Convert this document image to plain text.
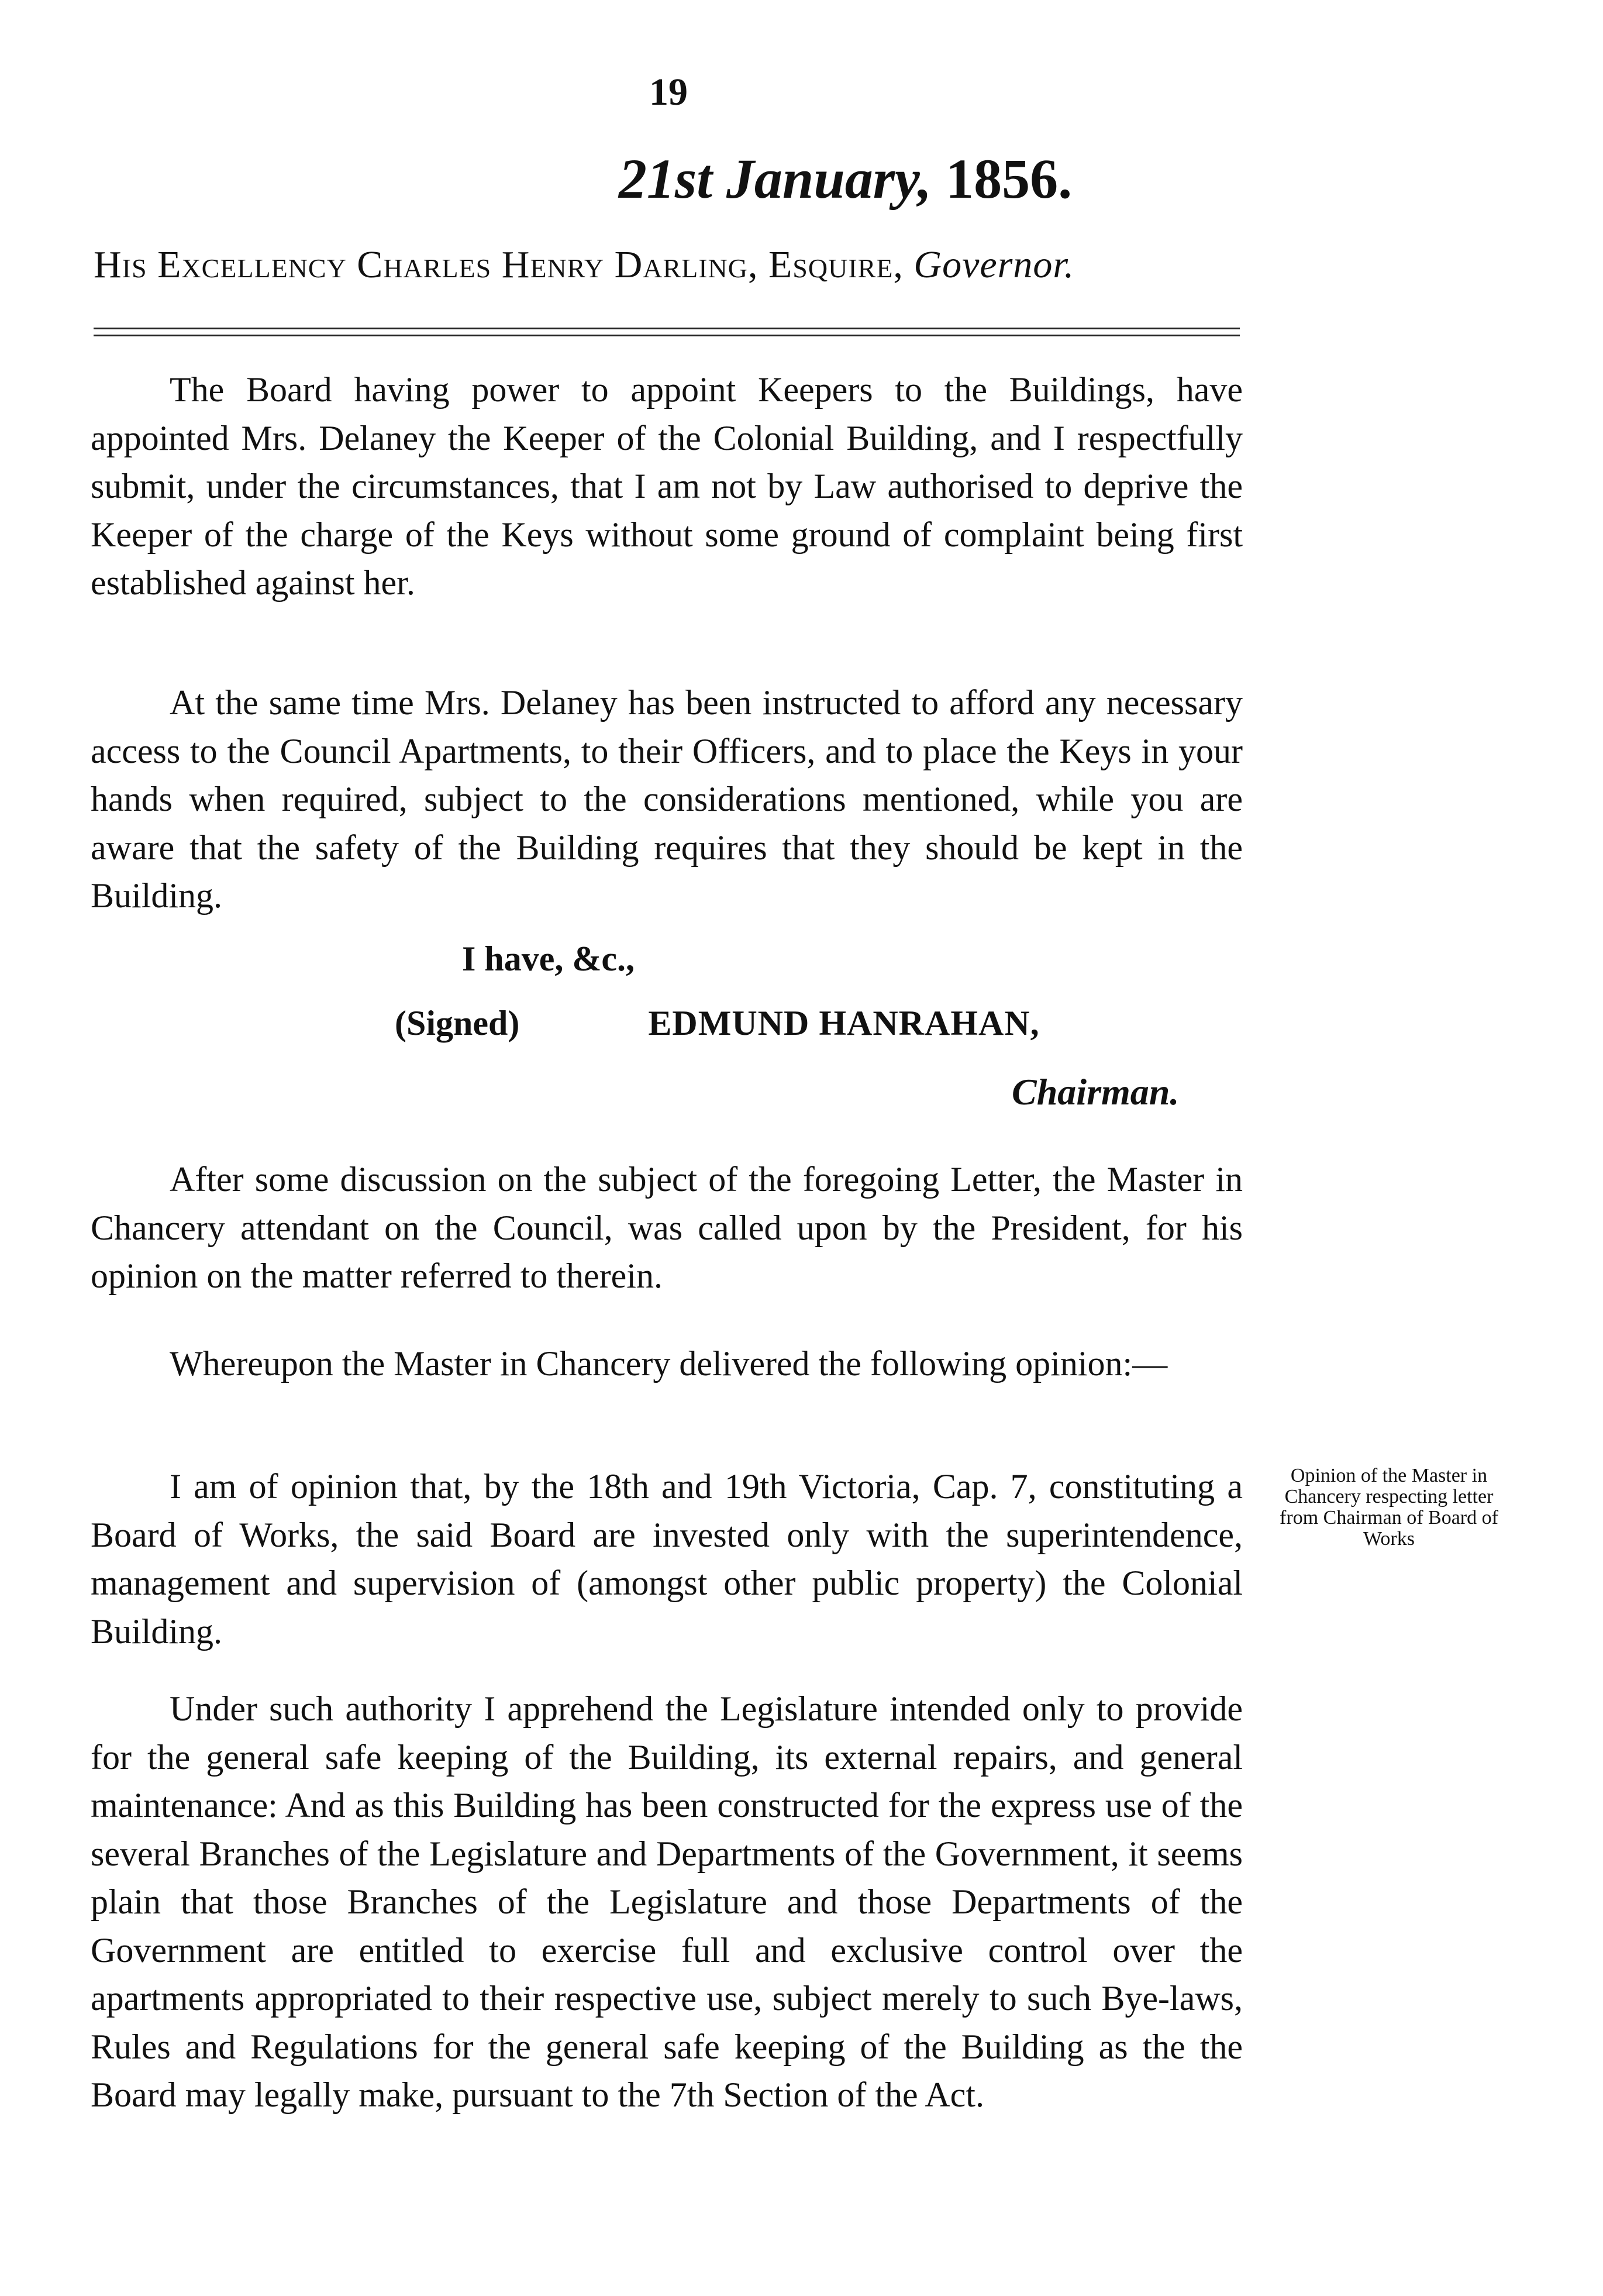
19
21st January, 1856.
His Excellency Charles Henry Darling, Esquire, Governor.

The Board having power to appoint Keepers to the Buildings, have appointed Mrs. Delaney the Keeper of the Colonial Building, and I respectfully submit, under the circumstances, that I am not by Law authorised to deprive the Keeper of the charge of the Keys without some ground of complaint being first established against her.

At the same time Mrs. Delaney has been instructed to afford any necessary access to the Council Apartments, to their Officers, and to place the Keys in your hands when required, subject to the considerations mentioned, while you are aware that the safety of the Building requires that they should be kept in the Building.

I have, &c.,
(Signed)	EDMUND HANRAHAN,
Chairman.

After some discussion on the subject of the foregoing Letter, the Master in Chancery attendant on the Council, was called upon by the President, for his opinion on the matter referred to therein.

Whereupon the Master in Chancery delivered the following opinion:—

I am of opinion that, by the 18th and 19th Victoria, Cap. 7, constituting a Board of Works, the said Board are invested only with the superintendence, management and supervision of (amongst other public property) the Colonial Building.

Under such authority I apprehend the Legislature intended only to provide for the general safe keeping of the Building, its external repairs, and general maintenance: And as this Building has been constructed for the express use of the several Branches of the Legislature and Departments of the Government, it seems plain that those Branches of the Legislature and those Departments of the Government are entitled to exercise full and exclusive control over the apartments appropriated to their respective use, subject merely to such Bye-laws, Rules and Regulations for the general safe keeping of the Building as the the Board may legally make, pursuant to the 7th Section of the Act.

Opinion of the Master in Chancery respecting letter from Chairman of Board of Works
